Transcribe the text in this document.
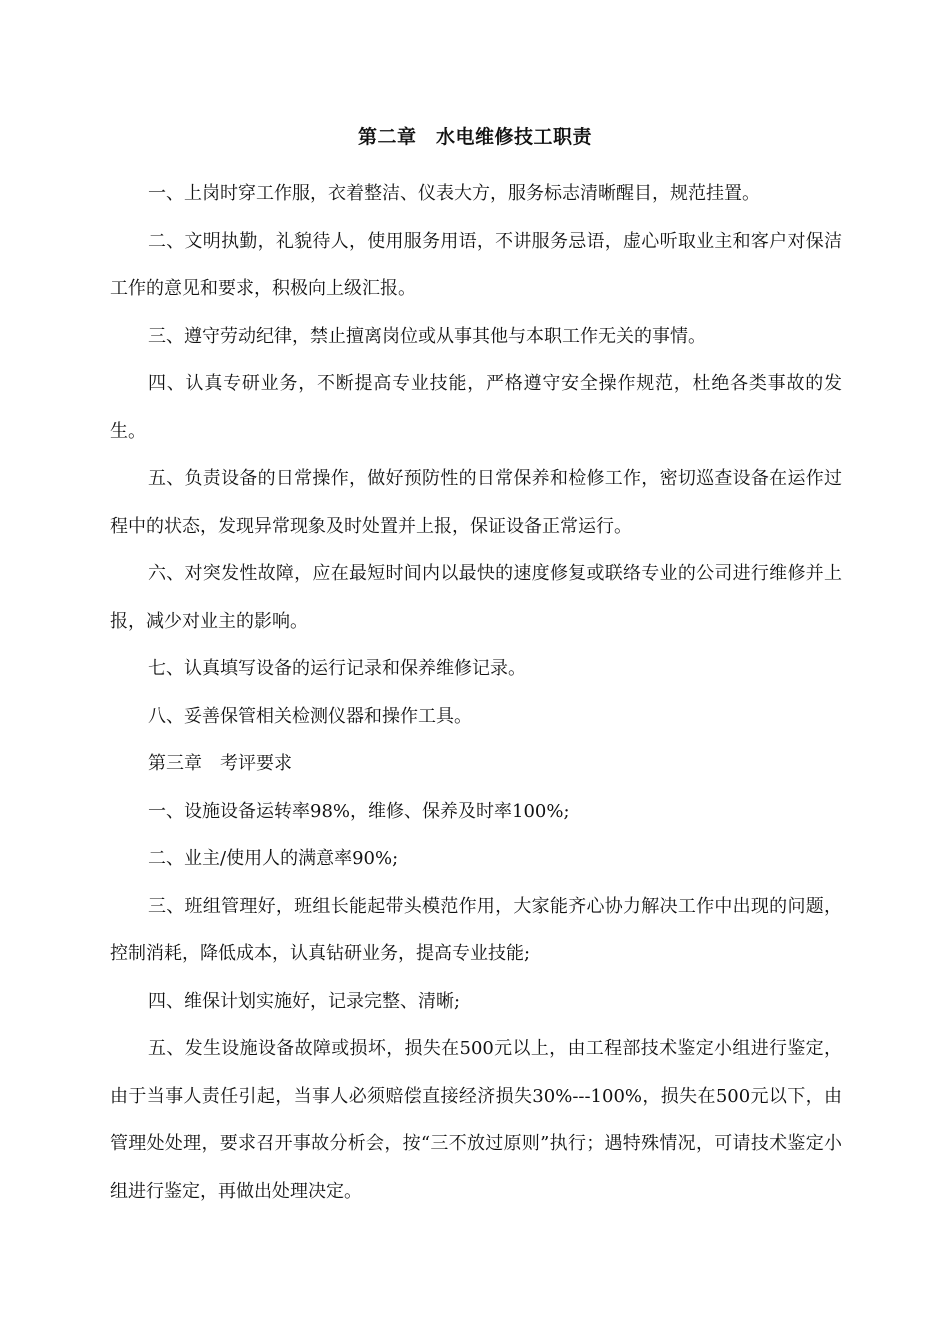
第二章　水电维修技工职责

一、上岗时穿工作服，衣着整洁、仪表大方，服务标志清晰醒目，规范挂置。

二、文明执勤，礼貌待人，使用服务用语，不讲服务忌语，虚心听取业主和客户对保洁工作的意见和要求，积极向上级汇报。

三、遵守劳动纪律，禁止擅离岗位或从事其他与本职工作无关的事情。

四、认真专研业务，不断提高专业技能，严格遵守安全操作规范，杜绝各类事故的发生。

五、负责设备的日常操作，做好预防性的日常保养和检修工作，密切巡查设备在运作过程中的状态，发现异常现象及时处置并上报，保证设备正常运行。

六、对突发性故障，应在最短时间内以最快的速度修复或联络专业的公司进行维修并上报，减少对业主的影响。

七、认真填写设备的运行记录和保养维修记录。

八、妥善保管相关检测仪器和操作工具。

第三章　考评要求

一、设施设备运转率98%，维修、保养及时率100%;

二、业主/使用人的满意率90%;

三、班组管理好，班组长能起带头模范作用，大家能齐心协力解决工作中出现的问题，控制消耗，降低成本，认真钻研业务，提高专业技能;

四、维保计划实施好，记录完整、清晰;

五、发生设施设备故障或损坏，损失在500元以上，由工程部技术鉴定小组进行鉴定，由于当事人责任引起，当事人必须赔偿直接经济损失30%---100%，损失在500元以下，由管理处处理，要求召开事故分析会，按“三不放过原则”执行；遇特殊情况，可请技术鉴定小组进行鉴定，再做出处理决定。
